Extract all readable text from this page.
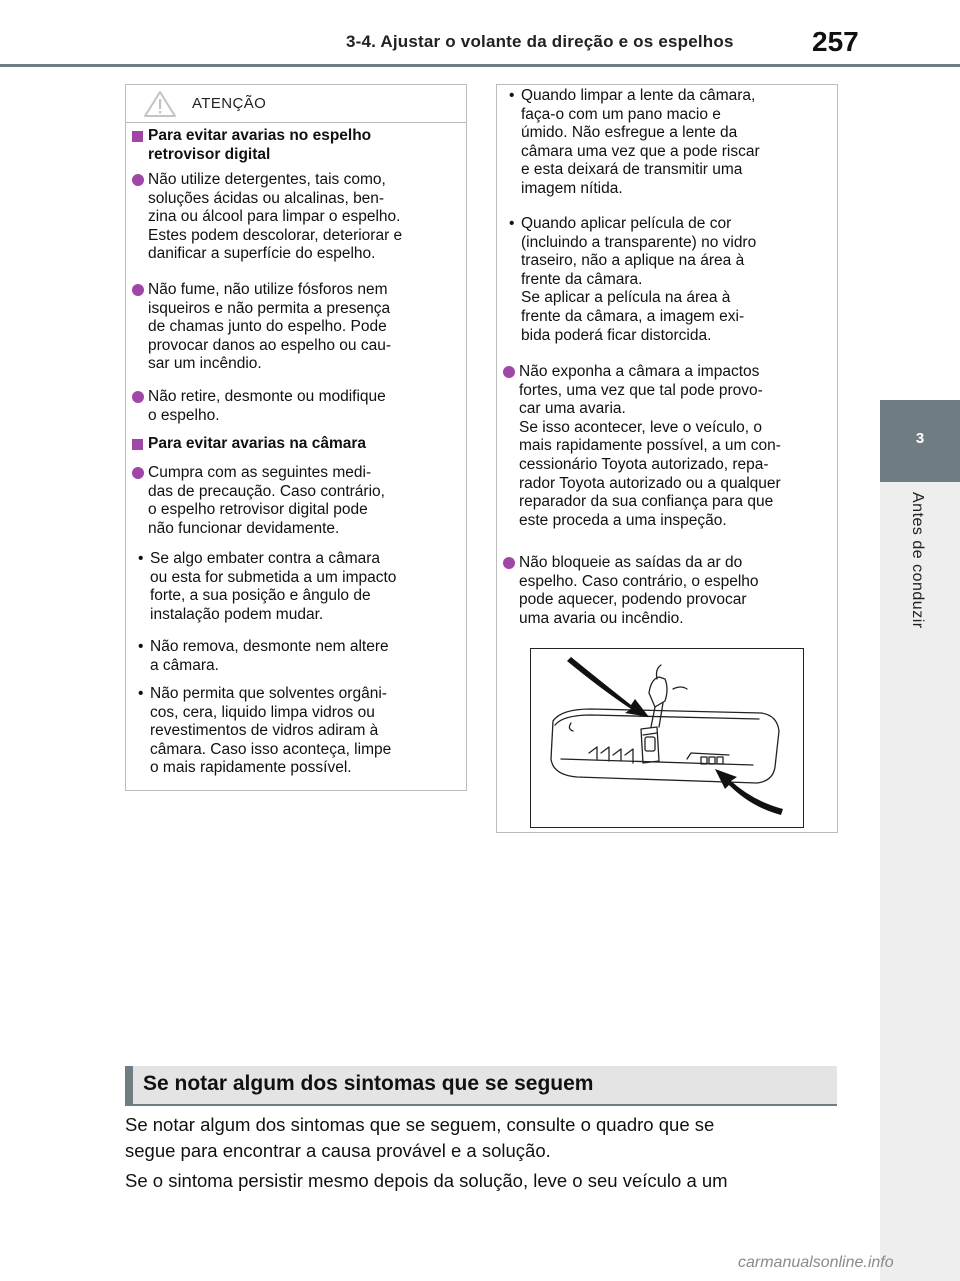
3-4. Ajustar o volante da direção e os espelhos	257
3
Antes de conduzir
ATENÇÃO
Para evitar avarias no espelho
retrovisor digital
Não utilize detergentes, tais como,
soluções ácidas ou alcalinas, ben-
zina ou álcool para limpar o espelho.
Estes podem descolorar, deteriorar e
danificar a superfície do espelho.
Não fume, não utilize fósforos nem
isqueiros e não permita a presença
de chamas junto do espelho. Pode
provocar danos ao espelho ou cau-
sar um incêndio.
Não retire, desmonte ou modifique
o espelho.
Para evitar avarias na câmara
Cumpra com as seguintes medi-
das de precaução. Caso contrário,
o espelho retrovisor digital pode
não funcionar devidamente.
• Se algo embater contra a câmara
ou esta for submetida a um impacto
forte, a sua posição e ângulo de
instalação podem mudar.
• Não remova, desmonte nem altere
a câmara.
• Não permita que solventes orgâni-
cos, cera, liquido limpa vidros ou
revestimentos de vidros adiram à
câmara. Caso isso aconteça, limpe
o mais rapidamente possível.
• Quando limpar a lente da câmara,
faça-o com um pano macio e
úmido. Não esfregue a lente da
câmara uma vez que a pode riscar
e esta deixará de transmitir uma
imagem nítida.
• Quando aplicar película de cor
(incluindo a transparente) no vidro
traseiro, não a aplique na área à
frente da câmara.
Se aplicar a película na área à
frente da câmara, a imagem exi-
bida poderá ficar distorcida.
Não exponha a câmara a impactos
fortes, uma vez que tal pode provo-
car uma avaria.
Se isso acontecer, leve o veículo, o
mais rapidamente possível, a um con-
cessionário Toyota autorizado, repa-
rador Toyota autorizado ou a qualquer
reparador da sua confiança para que
este proceda a uma inspeção.
Não bloqueie as saídas da ar do
espelho. Caso contrário, o espelho
pode aquecer, podendo provocar
uma avaria ou incêndio.
Se notar algum dos sintomas que se seguem
Se notar algum dos sintomas que se seguem, consulte o quadro que se
segue para encontrar a causa provável e a solução.
Se o sintoma persistir mesmo depois da solução, leve o seu veículo a um
carmanualsonline.info
